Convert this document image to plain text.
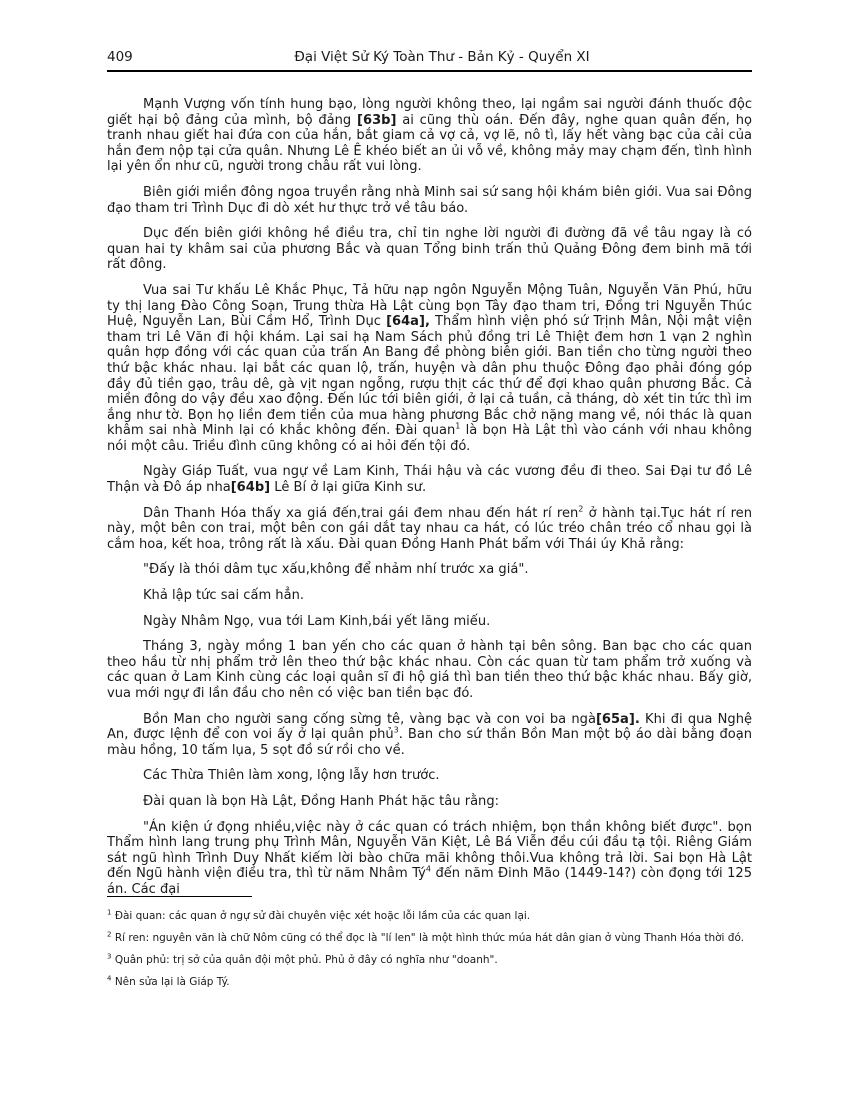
409	Đại Việt Sử Ký Toàn Thư - Bản Kỷ - Quyển XI

Mạnh Vượng vốn tính hung bạo, lòng người không theo, lại ngầm sai người đánh thuốc độc giết hại bộ đảng của mình, bộ đảng [63b] ai cũng thù oán. Đến đây, nghe quan quân đến, họ tranh nhau giết hai đứa con của hắn, bắt giam cả vợ cả, vợ lẽ, nô tì, lấy hết vàng bạc của cải của hắn đem nộp tại cửa quân. Nhưng Lê Ê khéo biết an ủi vỗ về, không mảy may chạm đến, tình hình lại yên ổn như cũ, người trong châu rất vui lòng.

Biên giới miền đông ngoa truyền rằng nhà Minh sai sứ sang hội khám biên giới. Vua sai Đông đạo tham tri Trình Dục đi dò xét hư thực trở về tâu báo.

Dục đến biên giới không hề điều tra, chỉ tin nghe lời người đi đường đã về tâu ngay là có quan hai ty khâm sai của phương Bắc và quan Tổng binh trấn thủ Quảng Đông đem binh mã tới rất đông.

Vua sai Tư khấu Lê Khắc Phục, Tả hữu nạp ngôn Nguyễn Mộng Tuân, Nguyễn Văn Phú, hữu ty thị lang Đào Công Soạn, Trung thừa Hà Lật cùng bọn Tây đạo tham tri, Đồng tri Nguyễn Thúc Huệ, Nguyễn Lan, Bùi Cầm Hổ, Trình Dục [64a], Thẩm hình viện phó sứ Trịnh Mân, Nội mật viện tham tri Lê Văn đi hội khám. Lại sai hạ Nam Sách phủ đồng tri Lê Thiệt đem hơn 1 vạn 2 nghìn quân hợp đồng với các quan của trấn An Bang đề phòng biên giới. Ban tiền cho từng người theo thứ bậc khác nhau. lại bắt các quan lộ, trấn, huyện và dân phu thuộc Đông đạo phải đóng góp đầy đủ tiền gạo, trâu dê, gà vịt ngan ngỗng, rượu thịt các thứ để đợi khao quân phương Bắc. Cả miền đông do vậy đều xao động. Đến lúc tới biên giới, ở lại cả tuần, cả tháng, dò xét tin tức thì im ắng như tờ. Bọn họ liền đem tiền của mua hàng phương Bắc chở nặng mang về, nói thác là quan khâm sai nhà Minh lại có khắc không đến. Đài quan$^1$ là bọn Hà Lật thì vào cánh với nhau không nói một câu. Triều đình cũng không có ai hỏi đến tội đó.

Ngày Giáp Tuất, vua ngự về Lam Kinh, Thái hậu và các vương đều đi theo. Sai Đại tư đồ Lê Thận và Đô áp nha[64b] Lê Bí ở lại giữa Kinh sư.

Dân Thanh Hóa thấy xa giá đến,trai gái đem nhau đến hát rí ren$^2$ ở hành tại.Tục hát rí ren này, một bên con trai, một bên con gái dắt tay nhau ca hát, có lúc tréo chân tréo cổ nhau gọi là cắm hoa, kết hoa, trông rất là xấu. Đài quan Đồng Hanh Phát bẩm với Thái úy Khả rằng:

"Đấy là thói dâm tục xấu,không để nhảm nhí trước xa giá".

Khả lập tức sai cấm hẳn.

Ngày Nhâm Ngọ, vua tới Lam Kinh,bái yết lăng miếu.

Tháng 3, ngày mồng 1 ban yến cho các quan ở hành tại bên sông. Ban bạc cho các quan theo hầu từ nhị phẩm trở lên theo thứ bậc khác nhau. Còn các quan từ tam phẩm trở xuống và các quan ở Lam Kinh cùng các loại quân sĩ đi hộ giá thì ban tiền theo thứ bậc khác nhau. Bấy giờ, vua mới ngự đi lần đầu cho nên có việc ban tiền bạc đó.

Bồn Man cho người sang cống sừng tê, vàng bạc và con voi ba ngà[65a]. Khi đi qua Nghệ An, được lệnh để con voi ấy ở lại quân phủ$^3$. Ban cho sứ thần Bồn Man một bộ áo dài bằng đoạn màu hồng, 10 tấm lụa, 5 sọt đồ sứ rồi cho về.

Các Thừa Thiên làm xong, lộng lẫy hơn trước.

Đài quan là bọn Hà Lật, Đồng Hanh Phát hặc tâu rằng:

"Án kiện ứ đọng nhiều,việc này ở các quan có trách nhiệm, bọn thần không biết được". bọn Thẩm hình lang trung phụ Trình Mân, Nguyễn Văn Kiệt, Lê Bá Viễn đều cúi đầu tạ tội. Riêng Giám sát ngũ hình Trình Duy Nhất kiếm lời bào chữa mãi không thôi.Vua không trả lời. Sai bọn Hà Lật đến Ngũ hành viện điều tra, thì từ năm Nhâm $Tý^4$ đến năm Đinh Mão (1449-14?) còn đọng tới 125 án. Các đại

$^1$ Đài quan: các quan ở ngự sử đài chuyên việc xét hoặc lỗi lầm của các quan lại.
$^2$ Rí ren: nguyên văn là chữ Nôm cũng có thể đọc là "lí len" là một hình thức múa hát dân gian ở vùng Thanh Hóa thời đó.
$^3$ Quân phủ: trị sở của quân đội một phủ. Phủ ở đây có nghĩa như "doanh".
$^4$ Nên sửa lại là Giáp Tý.
